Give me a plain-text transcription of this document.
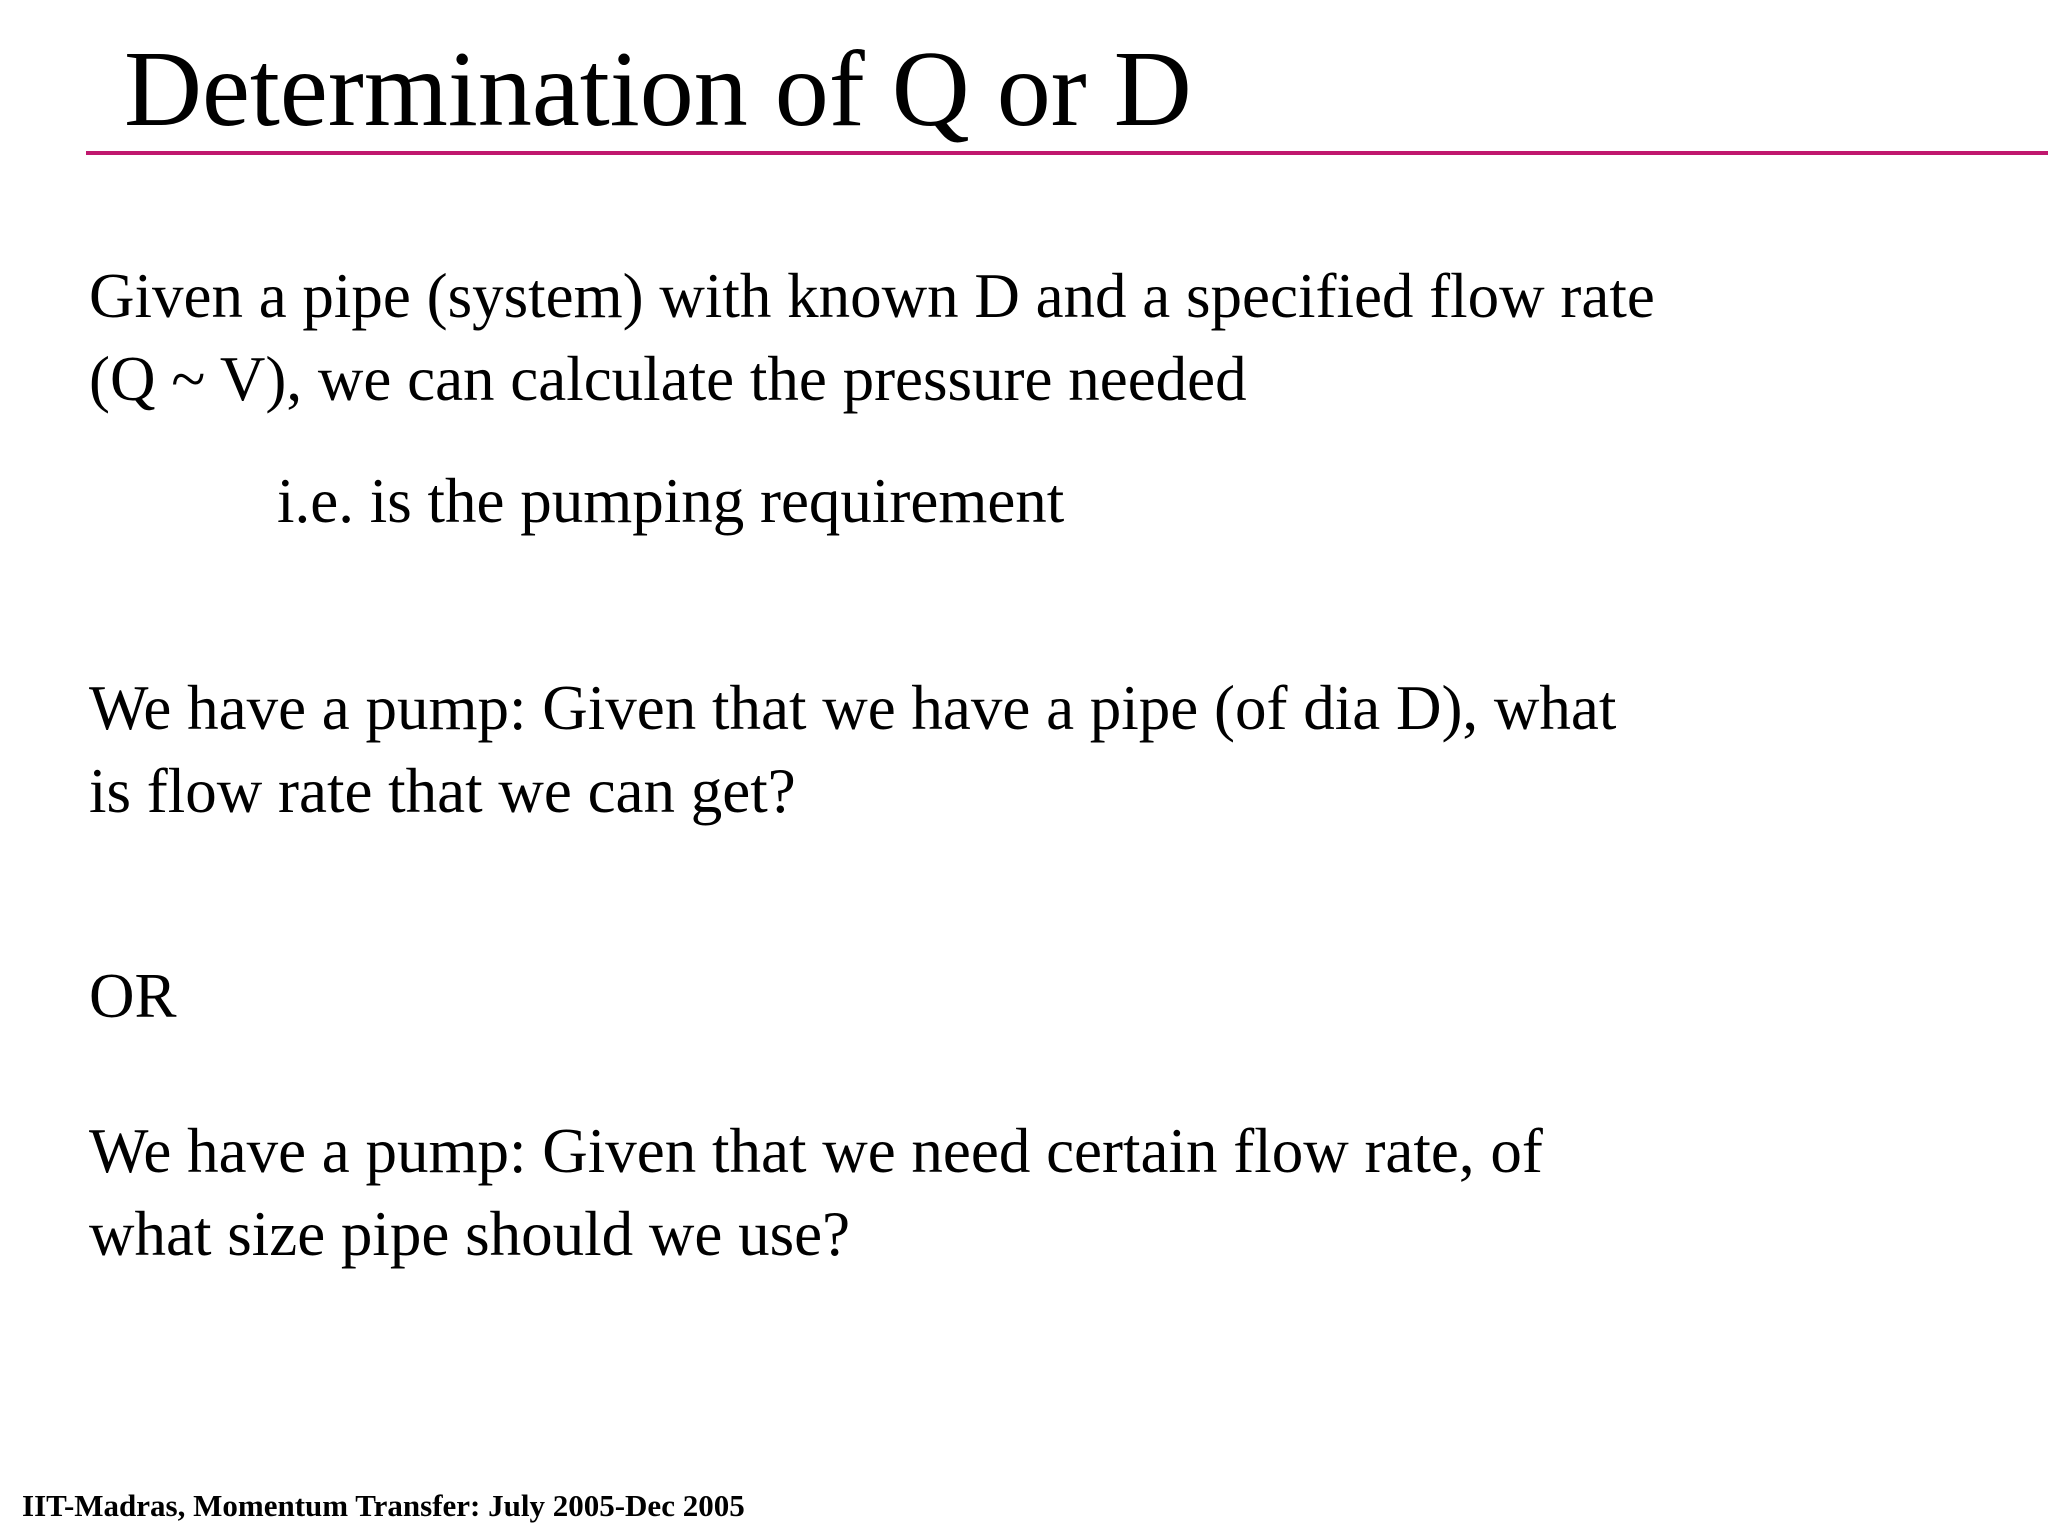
Determination of Q or D

Given a pipe (system) with known D and a specified flow rate
(Q ~ V), we can calculate the pressure needed

i.e. is the pumping requirement

We have a pump: Given that we have a pipe (of dia D), what
is flow rate that we can get?

OR

We have a pump: Given that we need certain flow rate, of
what size pipe should we use?

IIT-Madras, Momentum Transfer: July 2005-Dec 2005
